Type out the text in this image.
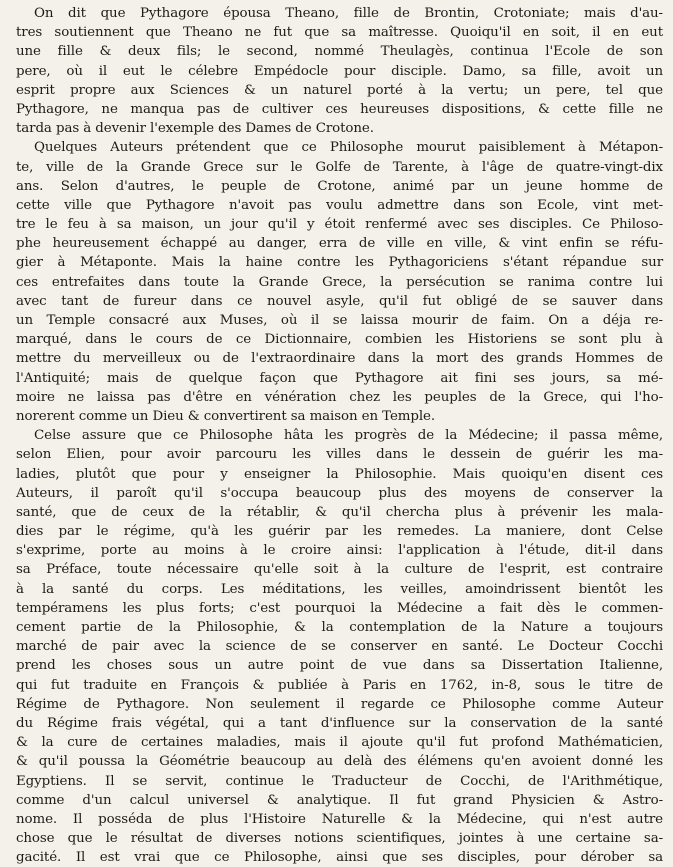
On dit que Pythagore épousa Theano, fille de Brontin, Crotoniate; mais d'au-
tres soutiennent que Theano ne fut que sa maîtresse. Quoiqu'il en soit, il en eut
une fille & deux fils; le second, nommé Theulagès, continua l'Ecole de son
pere, où il eut le célebre Empédocle pour disciple. Damo, sa fille, avoit un
esprit propre aux Sciences & un naturel porté à la vertu; un pere, tel que
Pythagore, ne manqua pas de cultiver ces heureuses dispositions, & cette fille ne
tarda pas à devenir l'exemple des Dames de Crotone.
Quelques Auteurs prétendent que ce Philosophe mourut paisiblement à Métapon-
te, ville de la Grande Grece sur le Golfe de Tarente, à l'âge de quatre-vingt-dix
ans. Selon d'autres, le peuple de Crotone, animé par un jeune homme de
cette ville que Pythagore n'avoit pas voulu admettre dans son Ecole, vint met-
tre le feu à sa maison, un jour qu'il y étoit renfermé avec ses disciples. Ce Philoso-
phe heureusement échappé au danger, erra de ville en ville, & vint enfin se réfu-
gier à Métaponte. Mais la haine contre les Pythagoriciens s'étant répandue sur
ces entrefaites dans toute la Grande Grece, la persécution se ranima contre lui
avec tant de fureur dans ce nouvel asyle, qu'il fut obligé de se sauver dans
un Temple consacré aux Muses, où il se laissa mourir de faim. On a déja re-
marqué, dans le cours de ce Dictionnaire, combien les Historiens se sont plu à
mettre du merveilleux ou de l'extraordinaire dans la mort des grands Hommes de
l'Antiquité; mais de quelque façon que Pythagore ait fini ses jours, sa mé-
moire ne laissa pas d'être en vénération chez les peuples de la Grece, qui l'ho-
norerent comme un Dieu & convertirent sa maison en Temple.
Celse assure que ce Philosophe hâta les progrès de la Médecine; il passa même,
selon Elien, pour avoir parcouru les villes dans le dessein de guérir les ma-
ladies, plutôt que pour y enseigner la Philosophie. Mais quoiqu'en disent ces
Auteurs, il paroît qu'il s'occupa beaucoup plus des moyens de conserver la
santé, que de ceux de la rétablir, & qu'il chercha plus à prévenir les mala-
dies par le régime, qu'à les guérir par les remedes. La maniere, dont Celse
s'exprime, porte au moins à le croire ainsi: l'application à l'étude, dit-il dans
sa Préface, toute nécessaire qu'elle soit à la culture de l'esprit, est contraire
à la santé du corps. Les méditations, les veilles, amoindrissent bientôt les
tempéramens les plus forts; c'est pourquoi la Médecine a fait dès le commen-
cement partie de la Philosophie, & la contemplation de la Nature a toujours
marché de pair avec la science de se conserver en santé. Le Docteur Cocchi
prend les choses sous un autre point de vue dans sa Dissertation Italienne,
qui fut traduite en François & publiée à Paris en 1762, in-8, sous le titre de
Régime de Pythagore. Non seulement il regarde ce Philosophe comme Auteur
du Régime frais végétal, qui a tant d'influence sur la conservation de la santé
& la cure de certaines maladies, mais il ajoute qu'il fut profond Mathématicien,
& qu'il poussa la Géométrie beaucoup au delà des élémens qu'en avoient donné les
Egyptiens. Il se servit, continue le Traducteur de Cocchi, de l'Arithmétique,
comme d'un calcul universel & analytique. Il fut grand Physicien & Astro-
nome. Il posséda de plus l'Histoire Naturelle & la Médecine, qui n'est autre
chose que le résultat de diverses notions scientifiques, jointes à une certaine sa-
gacité. Il est vrai que ce Philosophe, ainsi que ses disciples, pour dérober sa
